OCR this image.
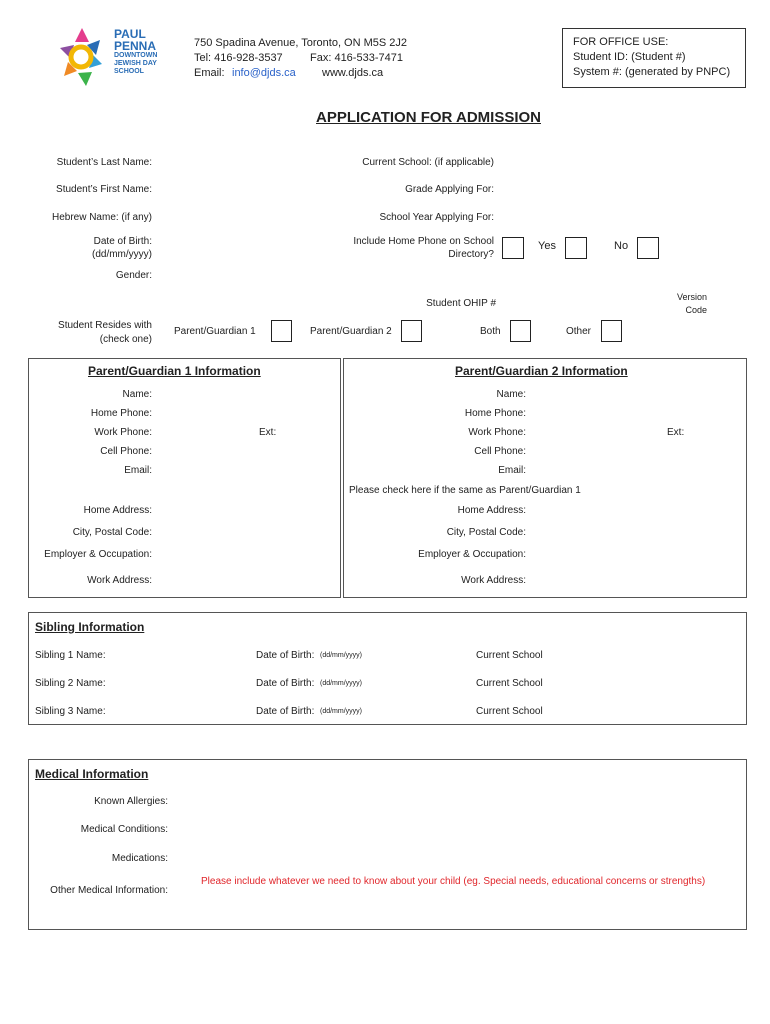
PAUL
PENNA
DOWNTOWN
JEWISH DAY
SCHOOL
750 Spadina Avenue, Toronto, ON M5S 2J2
Tel: 416-928-3537 Fax: 416-533-7471
Email: info@djds.ca www.djds.ca
FOR OFFICE USE:
Student ID: (Student #)
System #: (generated by PNPC)
APPLICATION FOR ADMISSION
Student’s Last Name:
Student’s First Name:
Hebrew Name: (if any)
Date of Birth:
(dd/mm/yyyy)
Gender:
Current School: (if applicable)
Grade Applying For:
School Year Applying For:
Include Home Phone on School
Directory?
Yes	No
Student OHIP #
Version
Code
Student Resides with
(check one)
Parent/Guardian 1	Parent/Guardian 2	Both	Other
Parent/Guardian 1 Information
Name:
Home Phone:
Work Phone:	Ext:
Cell Phone:
Email:
Home Address:
City, Postal Code:
Employer & Occupation:
Work Address:
Parent/Guardian 2 Information
Name:
Home Phone:
Work Phone:	Ext:
Cell Phone:
Email:
Please check here if the same as Parent/Guardian 1
Home Address:
City, Postal Code:
Employer & Occupation:
Work Address:
Sibling Information
Sibling 1 Name:	Date of Birth: (dd/mm/yyyy)	Current School
Sibling 2 Name:	Date of Birth: (dd/mm/yyyy)	Current School
Sibling 3 Name:	Date of Birth: (dd/mm/yyyy)	Current School
Medical Information
Known Allergies:
Medical Conditions:
Medications:
Other Medical Information:
Please include whatever we need to know about your child (eg. Special needs, educational concerns or strengths)
